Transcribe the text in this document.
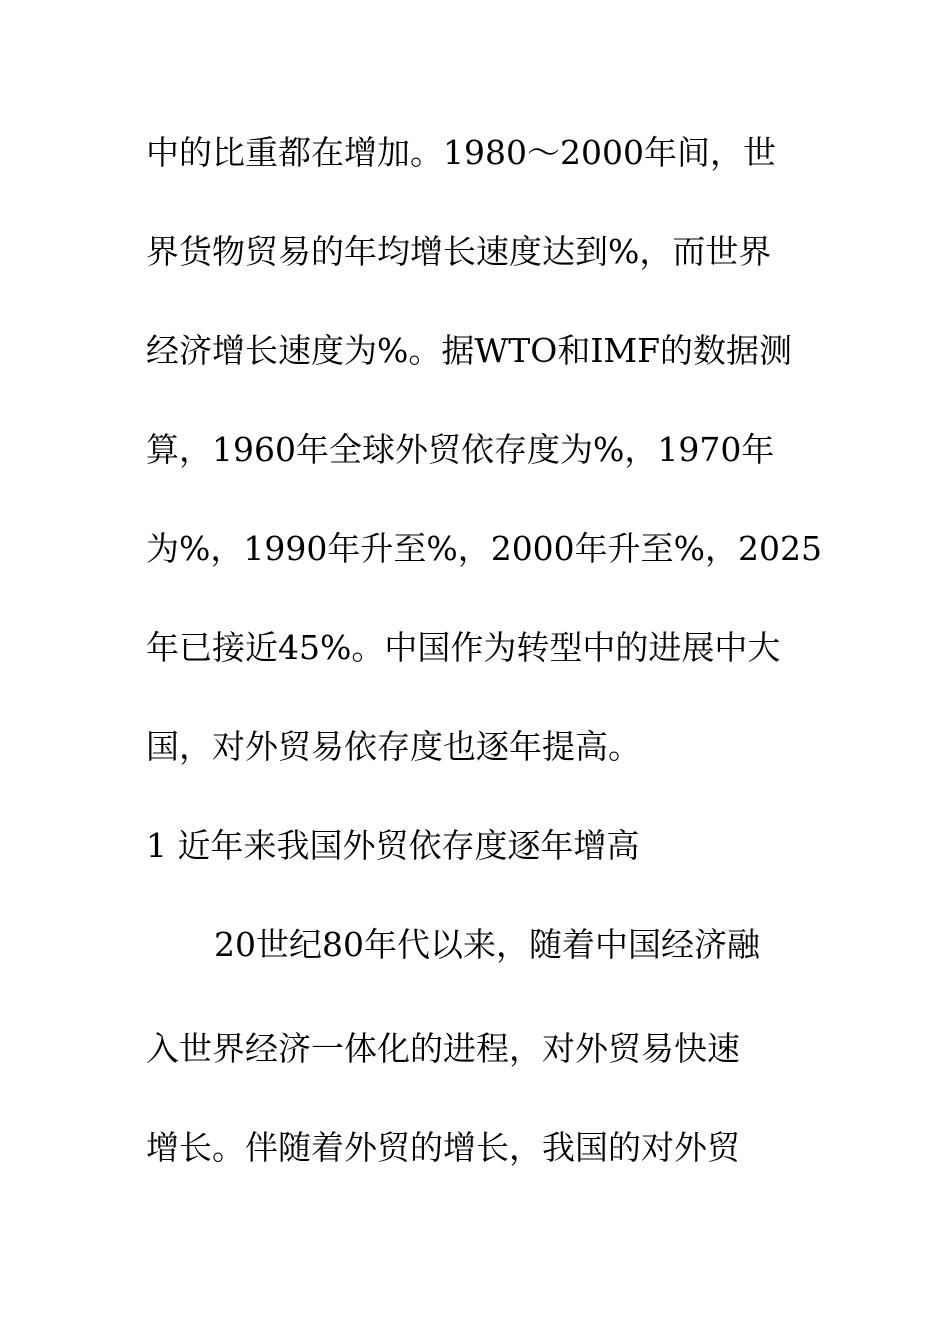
中的比重都在增加。1980～2000年间，世
界货物贸易的年均增长速度达到%，而世界
经济增长速度为%。据WTO和IMF的数据测
算，1960年全球外贸依存度为%，1970年
为%，1990年升至%，2000年升至%，2025
年已接近45%。中国作为转型中的进展中大
国，对外贸易依存度也逐年提高。
1 近年来我国外贸依存度逐年增高
20世纪80年代以来，随着中国经济融
入世界经济一体化的进程，对外贸易快速
增长。伴随着外贸的增长，我国的对外贸
